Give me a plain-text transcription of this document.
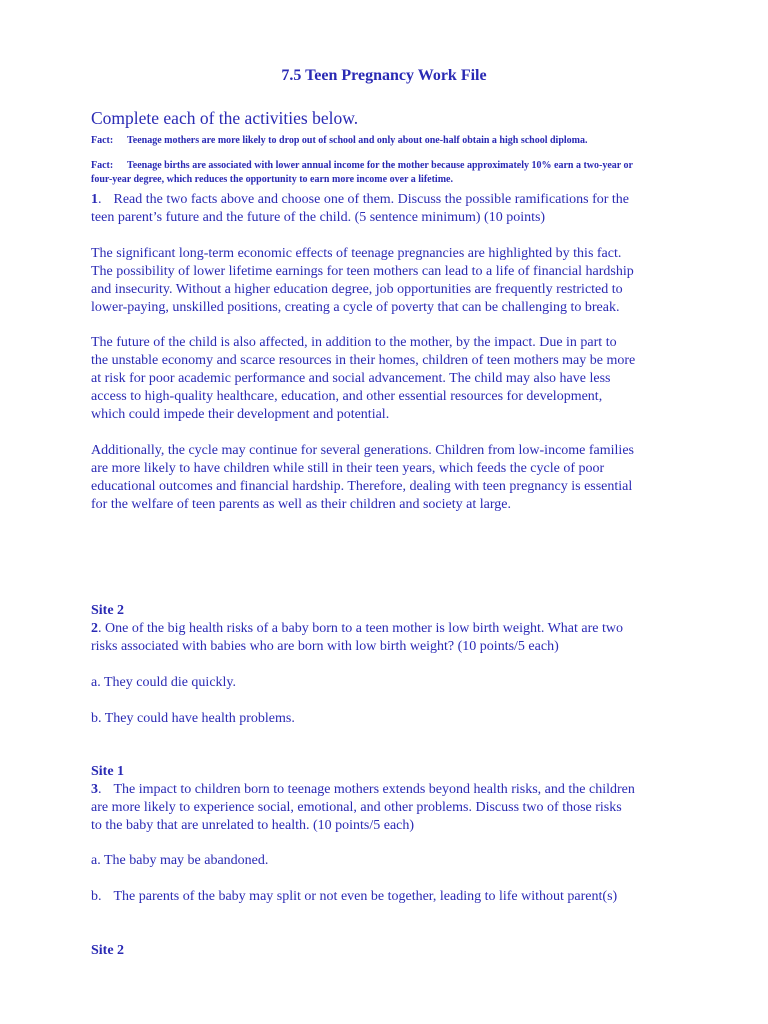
7.5 Teen Pregnancy Work File
Complete each of the activities below.
Fact: Teenage mothers are more likely to drop out of school and only about one-half obtain a high school diploma.
Fact: Teenage births are associated with lower annual income for the mother because approximately 10% earn a two-year or
four-year degree, which reduces the opportunity to earn more income over a lifetime.
1. Read the two facts above and choose one of them. Discuss the possible ramifications for the
teen parent’s future and the future of the child. (5 sentence minimum) (10 points)
The significant long-term economic effects of teenage pregnancies are highlighted by this fact.
The possibility of lower lifetime earnings for teen mothers can lead to a life of financial hardship
and insecurity. Without a higher education degree, job opportunities are frequently restricted to
lower-paying, unskilled positions, creating a cycle of poverty that can be challenging to break.
The future of the child is also affected, in addition to the mother, by the impact. Due in part to
the unstable economy and scarce resources in their homes, children of teen mothers may be more
at risk for poor academic performance and social advancement. The child may also have less
access to high-quality healthcare, education, and other essential resources for development,
which could impede their development and potential.
Additionally, the cycle may continue for several generations. Children from low-income families
are more likely to have children while still in their teen years, which feeds the cycle of poor
educational outcomes and financial hardship. Therefore, dealing with teen pregnancy is essential
for the welfare of teen parents as well as their children and society at large.
Site 2
2. One of the big health risks of a baby born to a teen mother is low birth weight. What are two
risks associated with babies who are born with low birth weight? (10 points/5 each)
a. They could die quickly.
b. They could have health problems.
Site 1
3. The impact to children born to teenage mothers extends beyond health risks, and the children
are more likely to experience social, emotional, and other problems. Discuss two of those risks
to the baby that are unrelated to health. (10 points/5 each)
a. The baby may be abandoned.
b. The parents of the baby may split or not even be together, leading to life without parent(s)
Site 2
